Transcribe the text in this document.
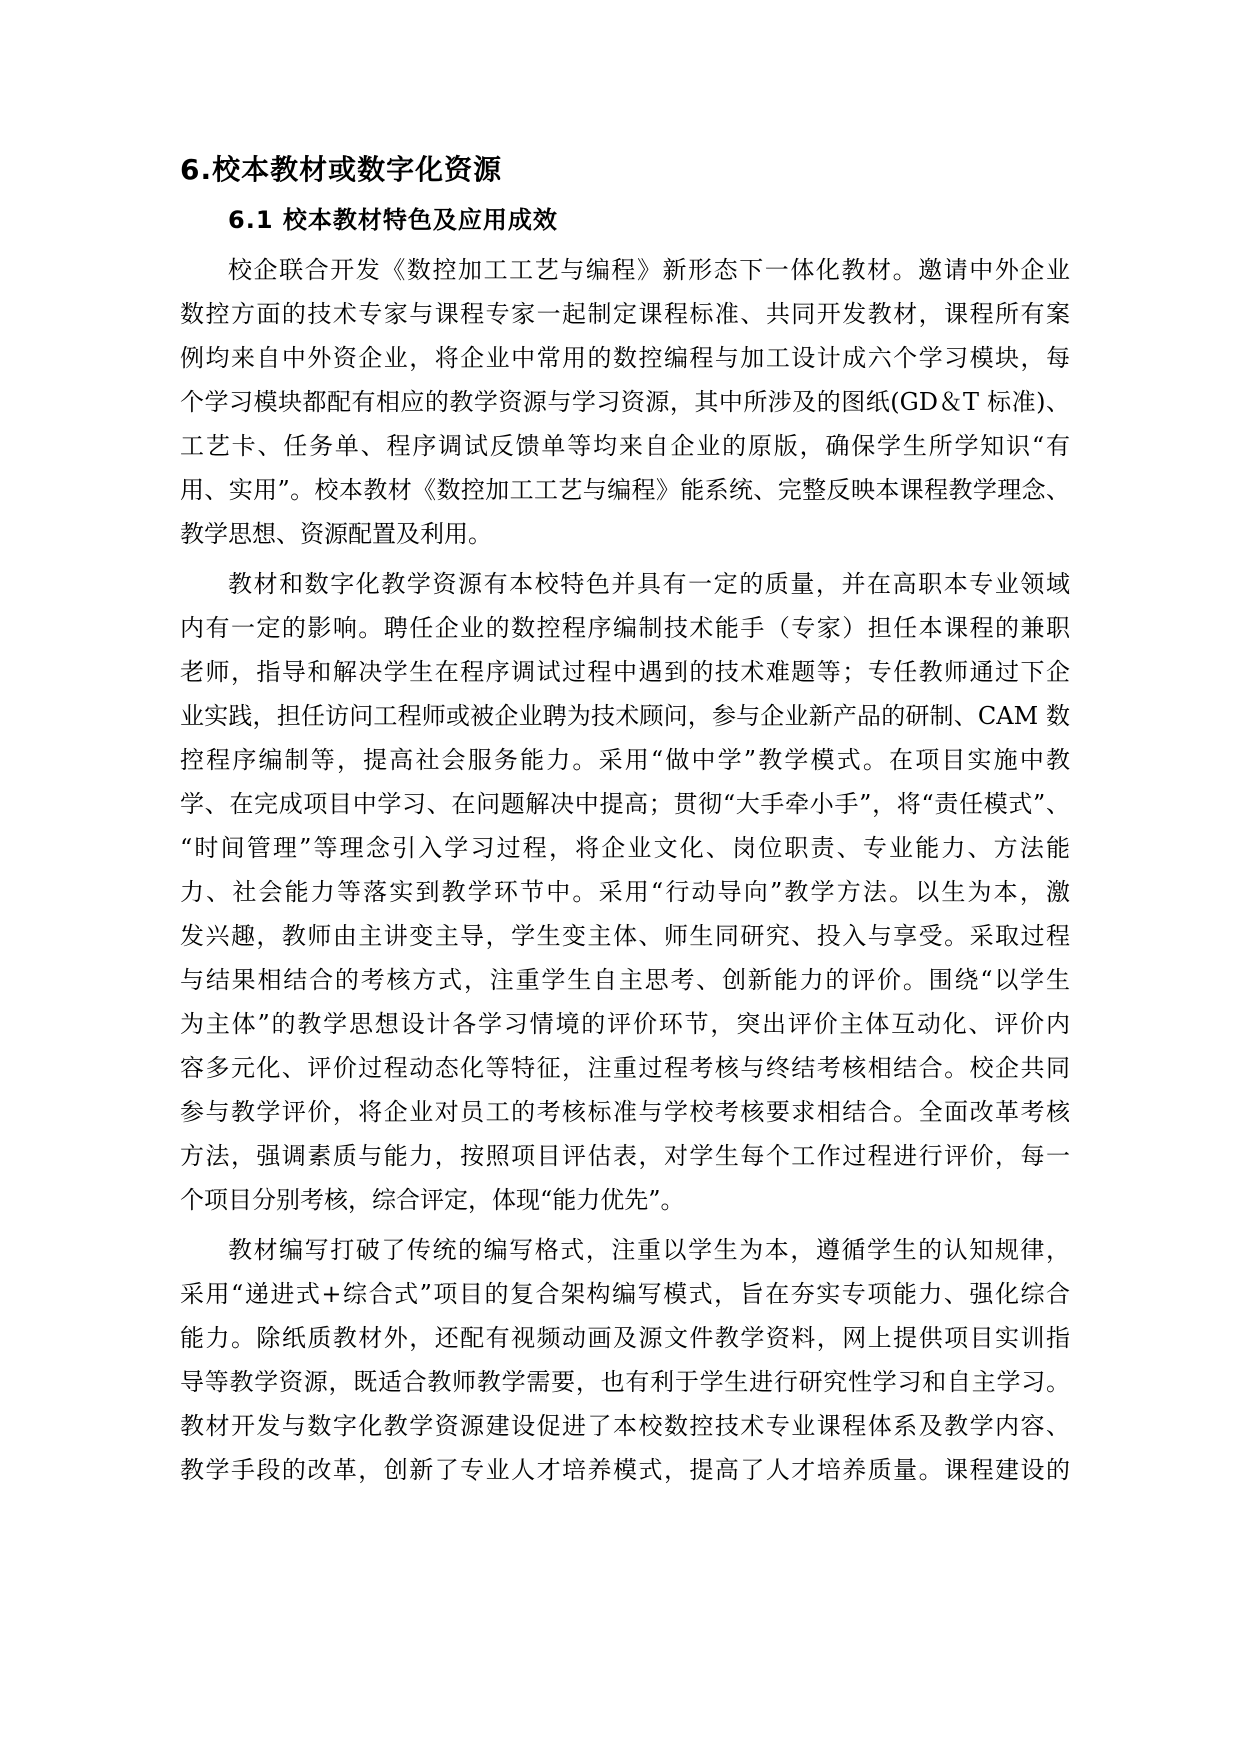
6.校本教材或数字化资源
6.1 校本教材特色及应用成效
校企联合开发《数控加工工艺与编程》新形态下一体化教材。邀请中外企业
数控方面的技术专家与课程专家一起制定课程标准、共同开发教材，课程所有案
例均来自中外资企业，将企业中常用的数控编程与加工设计成六个学习模块，每
个学习模块都配有相应的教学资源与学习资源，其中所涉及的图纸(GD＆T 标准)、
工艺卡、任务单、程序调试反馈单等均来自企业的原版，确保学生所学知识“有
用、实用”。校本教材《数控加工工艺与编程》能系统、完整反映本课程教学理念、
教学思想、资源配置及利用。
教材和数字化教学资源有本校特色并具有一定的质量，并在高职本专业领域
内有一定的影响。聘任企业的数控程序编制技术能手（专家）担任本课程的兼职
老师，指导和解决学生在程序调试过程中遇到的技术难题等；专任教师通过下企
业实践，担任访问工程师或被企业聘为技术顾问，参与企业新产品的研制、CAM 数
控程序编制等，提高社会服务能力。采用“做中学”教学模式。在项目实施中教
学、在完成项目中学习、在问题解决中提高；贯彻“大手牵小手”，将“责任模式”、
“时间管理”等理念引入学习过程，将企业文化、岗位职责、专业能力、方法能
力、社会能力等落实到教学环节中。采用“行动导向”教学方法。以生为本，激
发兴趣，教师由主讲变主导，学生变主体、师生同研究、投入与享受。采取过程
与结果相结合的考核方式，注重学生自主思考、创新能力的评价。围绕“以学生
为主体”的教学思想设计各学习情境的评价环节，突出评价主体互动化、评价内
容多元化、评价过程动态化等特征，注重过程考核与终结考核相结合。校企共同
参与教学评价，将企业对员工的考核标准与学校考核要求相结合。全面改革考核
方法，强调素质与能力，按照项目评估表，对学生每个工作过程进行评价，每一
个项目分别考核，综合评定，体现“能力优先”。
教材编写打破了传统的编写格式，注重以学生为本，遵循学生的认知规律，
采用“递进式+综合式”项目的复合架构编写模式，旨在夯实专项能力、强化综合
能力。除纸质教材外，还配有视频动画及源文件教学资料，网上提供项目实训指
导等教学资源，既适合教师教学需要，也有利于学生进行研究性学习和自主学习。
教材开发与数字化教学资源建设促进了本校数控技术专业课程体系及教学内容、
教学手段的改革，创新了专业人才培养模式，提高了人才培养质量。课程建设的
